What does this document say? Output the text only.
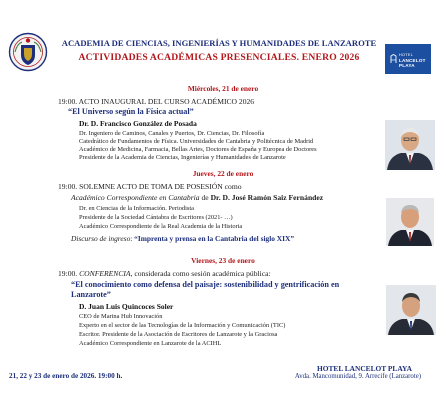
ACADEMIA DE CIENCIAS, INGENIERÍAS Y HUMANIDADES DE LANZAROTE
ACTIVIDADES ACADÉMICAS PRESENCIALES. ENERO 2026	HOTEL
LANCELOT
PLAYA
Miércoles, 21 de enero
19:00. ACTO INAUGURAL DEL CURSO ACADÉMICO 2026
“El Universo según la Física actual”
Dr. D. Francisco González de Posada
Dr. Ingeniero de Caminos, Canales y Puertos, Dr. Ciencias, Dr. Filosofía
Catedrático de Fundamentos de Física. Universidades de Cantabria y Politécnica de Madrid
Académico de Medicina, Farmacia, Bellas Artes, Doctores de España y Europea de Doctores
Presidente de la Academia de Ciencias, Ingenierías y Humanidades de Lanzarote
Jueves, 22 de enero
19:00. SOLEMNE ACTO DE TOMA DE POSESIÓN como
Académico Correspondiente en Cantabria de Dr. D. José Ramón Saiz Fernández
Dr. en Ciencias de la Información. Periodista
Presidente de la Sociedad Cántabra de Escritores (2021- …)
Académico Correspondiente de la Real Academia de la Historia
Discurso de ingreso: “Imprenta y prensa en la Cantabria del siglo XIX”
Viernes, 23 de enero
19:00. CONFERENCIA, considerada como sesión académica pública:
“El conocimiento como defensa del paisaje: sostenibilidad y gentrificación en
Lanzarote”
D. Juan Luis Quincoces Soler
CEO de Marina Hub Innovación
Experto en el sector de las Tecnologías de la Información y Comunicación (TIC)
Escritor. Presidente de la Asociación de Escritores de Lanzarote y la Graciosa
Académico Correspondiente en Lanzarote de la ACIHL
21, 22 y 23 de enero de 2026. 19:00 h.
HOTEL LANCELOT PLAYA
Avda. Mancomunidad, 9. Arrecife (Lanzarote)
